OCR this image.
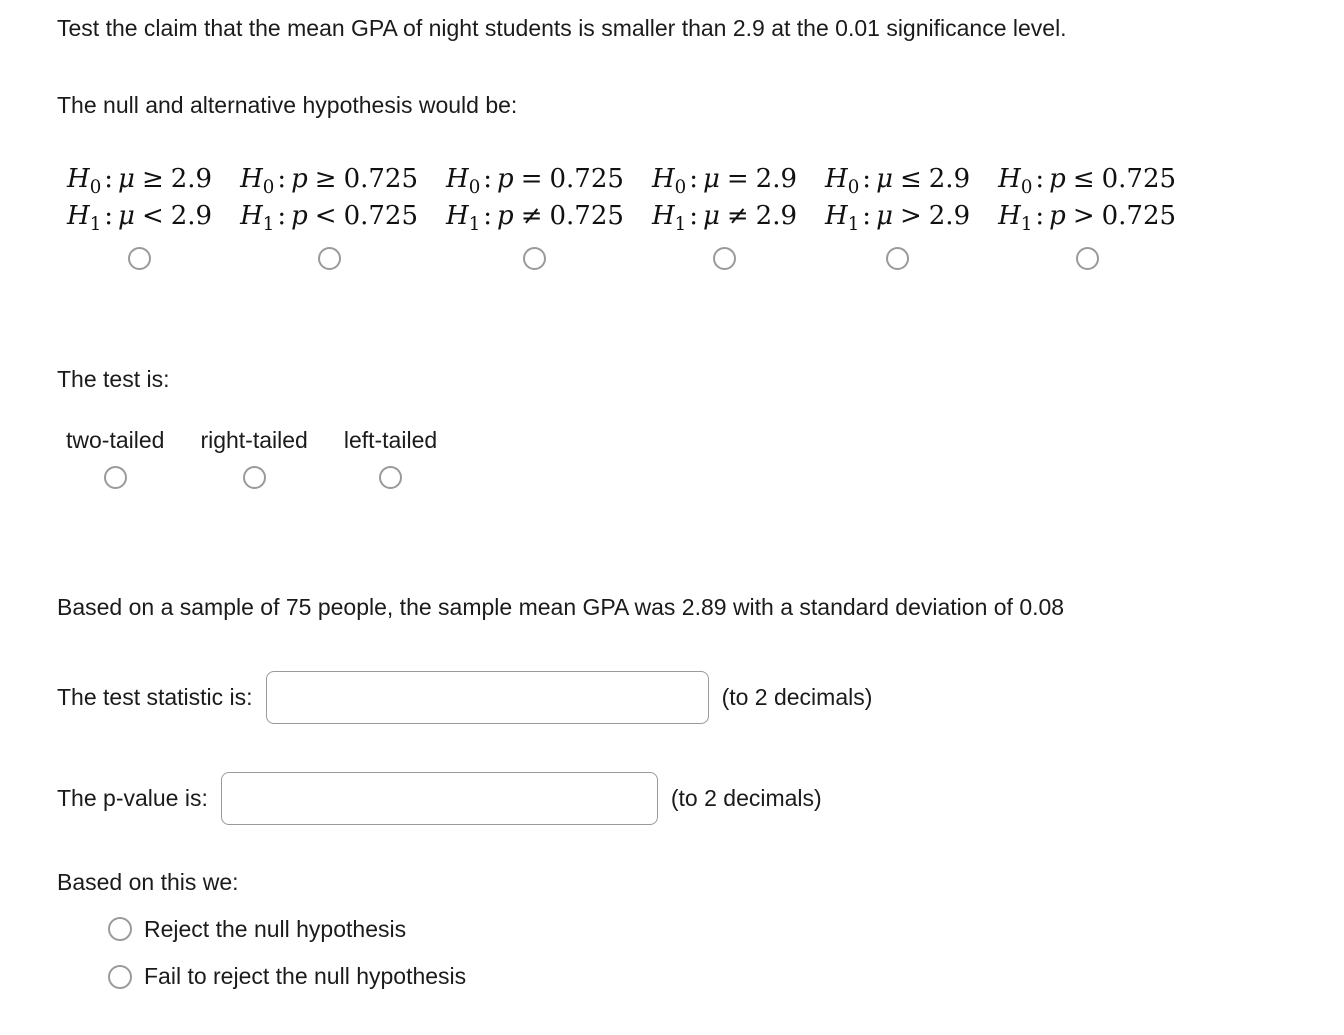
Test the claim that the mean GPA of night students is smaller than 2.9 at the 0.01 significance level.

The null and alternative hypothesis would be:

$H_0$ : μ ≥ 2.9
$H_1$ : μ < 2.9
$H_0$ : p ≥ 0.725
$H_1$ : p < 0.725
$H_0$ : p = 0.725
$H_1$ : p ≠ 0.725
$H_0$ : μ = 2.9
$H_1$ : μ ≠ 2.9
$H_0$ : μ ≤ 2.9
$H_1$ : μ > 2.9
$H_0$ : p ≤ 0.725
$H_1$ : p > 0.725

The test is:

two-tailed right-tailed left-tailed

Based on a sample of 75 people, the sample mean GPA was 2.89 with a standard deviation of 0.08

The test statistic is:	(to 2 decimals)
The p-value is:	(to 2 decimals)

Based on this we:

Reject the null hypothesis
Fail to reject the null hypothesis
